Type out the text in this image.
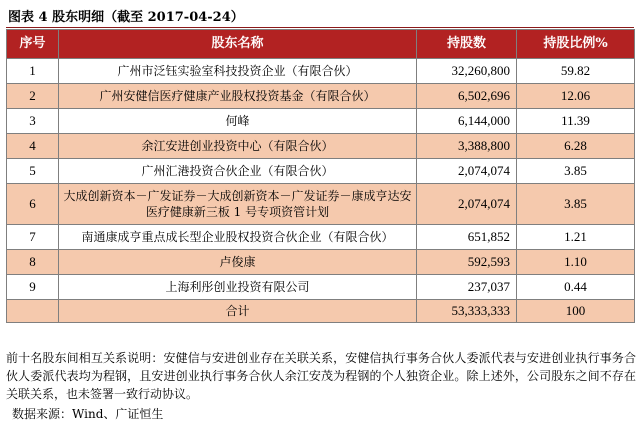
图表 4 股东明细（截至 2017-04-24）
序号	股东名称	持股数	持股比例%
1	广州市泛钰实验室科技投资企业（有限合伙）	32,260,800	59.82
2	广州安健信医疗健康产业股权投资基金（有限合伙）	6,502,696	12.06
3	何峰	6,144,000	11.39
4	余江安进创业投资中心（有限合伙）	3,388,800	6.28
5	广州汇港投资合伙企业（有限合伙）	2,074,074	3.85
6	大成创新资本－广发证券－大成创新资本－广发证券－康成亨达安医疗健康新三板 1 号专项资管计划	2,074,074	3.85
7	南通康成亨重点成长型企业股权投资合伙企业（有限合伙）	651,852	1.21
8	卢俊康	592,593	1.10
9	上海利彤创业投资有限公司	237,037	0.44
	合计	53,333,333	100
前十名股东间相互关系说明：安健信与安进创业存在关联关系，安健信执行事务合伙人委派代表与安进创业执行事务合伙人委派代表均为程钢，且安进创业执行事务合伙人余江安茂为程钢的个人独资企业。除上述外，公司股东之间不存在关联关系，也未签署一致行动协议。
数据来源：Wind、广证恒生
